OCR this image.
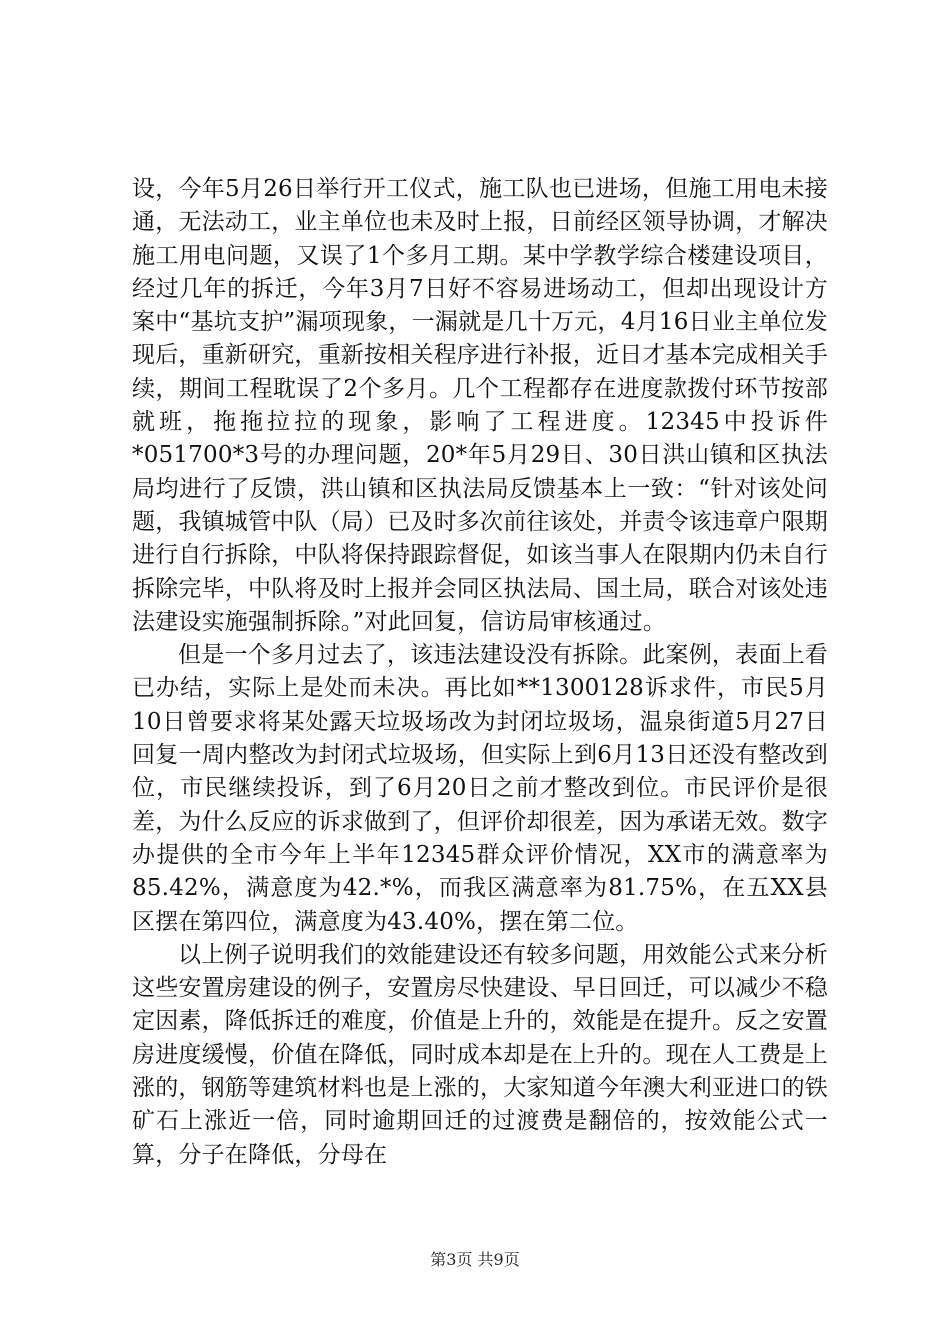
设，今年5月26日举行开工仪式，施工队也已进场，但施工用电未接通，无法动工，业主单位也未及时上报，日前经区领导协调，才解决施工用电问题，又误了1个多月工期。某中学教学综合楼建设项目，经过几年的拆迁，今年3月7日好不容易进场动工，但却出现设计方案中“基坑支护”漏项现象，一漏就是几十万元，4月16日业主单位发现后，重新研究，重新按相关程序进行补报，近日才基本完成相关手续，期间工程耽误了2个多月。几个工程都存在进度款拨付环节按部就班，拖拖拉拉的现象，影响了工程进度。12345中投诉件*051700*3号的办理问题，20*年5月29日、30日洪山镇和区执法局均进行了反馈，洪山镇和区执法局反馈基本上一致：“针对该处问题，我镇城管中队（局）已及时多次前往该处，并责令该违章户限期进行自行拆除，中队将保持跟踪督促，如该当事人在限期内仍未自行拆除完毕，中队将及时上报并会同区执法局、国土局，联合对该处违法建设实施强制拆除。”对此回复，信访局审核通过。

但是一个多月过去了，该违法建设没有拆除。此案例，表面上看已办结，实际上是处而未决。再比如**1300128诉求件，市民5月10日曾要求将某处露天垃圾场改为封闭垃圾场，温泉街道5月27日回复一周内整改为封闭式垃圾场，但实际上到6月13日还没有整改到位，市民继续投诉，到了6月20日之前才整改到位。市民评价是很差，为什么反应的诉求做到了，但评价却很差，因为承诺无效。数字办提供的全市今年上半年12345群众评价情况，XX市的满意率为85.42%，满意度为42.*%，而我区满意率为81.75%，在五XX县区摆在第四位，满意度为43.40%，摆在第二位。

以上例子说明我们的效能建设还有较多问题，用效能公式来分析这些安置房建设的例子，安置房尽快建设、早日回迁，可以减少不稳定因素，降低拆迁的难度，价值是上升的，效能是在提升。反之安置房进度缓慢，价值在降低，同时成本却是在上升的。现在人工费是上涨的，钢筋等建筑材料也是上涨的，大家知道今年澳大利亚进口的铁矿石上涨近一倍，同时逾期回迁的过渡费是翻倍的，按效能公式一算，分子在降低，分母在

第3页 共9页
